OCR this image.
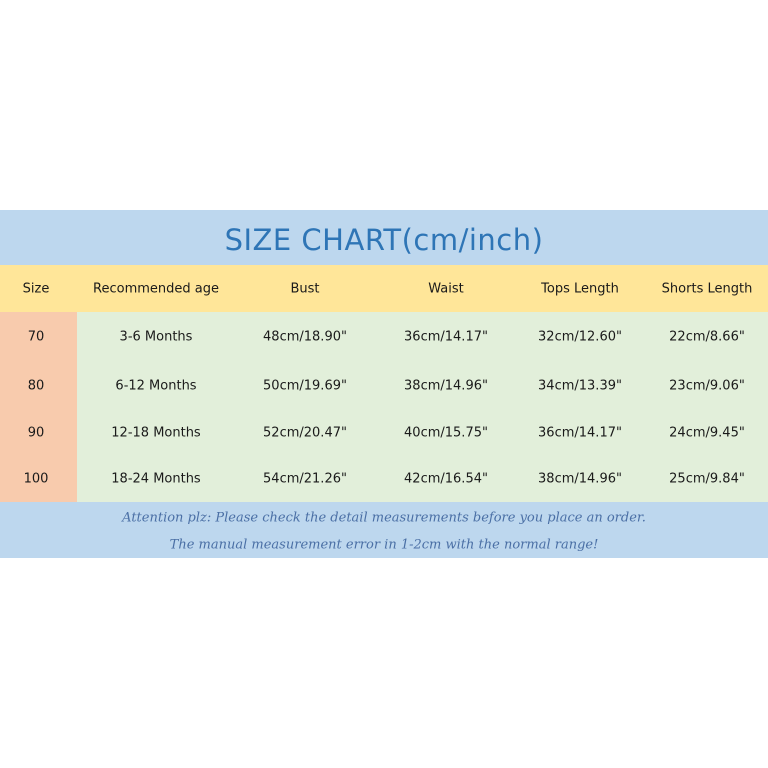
SIZE CHART(cm/inch)
Size	Recommended age	Bust	Waist	Tops Length	Shorts Length
70	3-6 Months	48cm/18.90"	36cm/14.17"	32cm/12.60"	22cm/8.66"
80	6-12 Months	50cm/19.69"	38cm/14.96"	34cm/13.39"	23cm/9.06"
90	12-18 Months	52cm/20.47"	40cm/15.75"	36cm/14.17"	24cm/9.45"
100	18-24 Months	54cm/21.26"	42cm/16.54"	38cm/14.96"	25cm/9.84"
Attention plz: Please check the detail measurements before you place an order.
The manual measurement error in 1-2cm with the normal range!
